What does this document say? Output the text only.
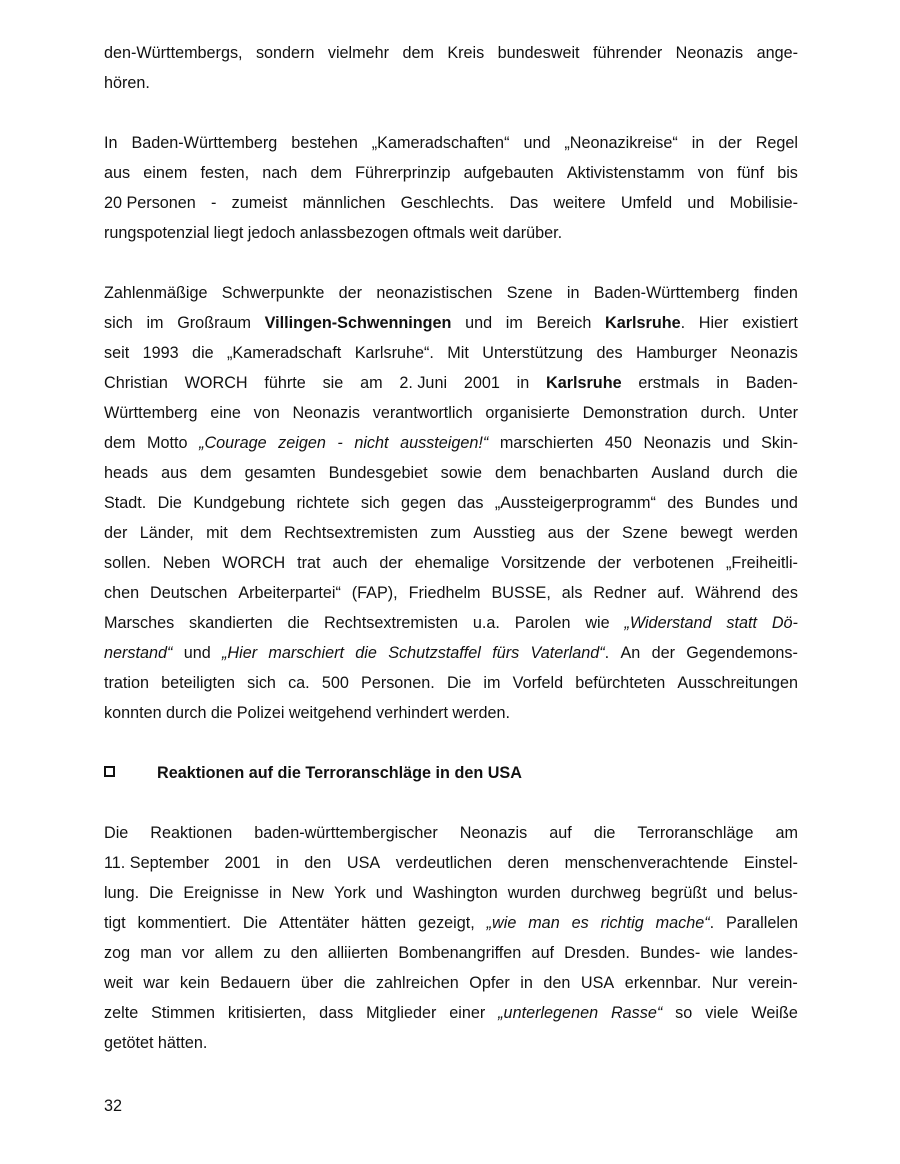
den-Württembergs, sondern vielmehr dem Kreis bundesweit führender Neonazis ange-
hören.
In Baden-Württemberg bestehen „Kameradschaften“ und „Neonazikreise“ in der Regel
aus einem festen, nach dem Führerprinzip aufgebauten Aktivistenstamm von fünf bis
20 Personen - zumeist männlichen Geschlechts. Das weitere Umfeld und Mobilisie-
rungspotenzial liegt jedoch anlassbezogen oftmals weit darüber.
Zahlenmäßige Schwerpunkte der neonazistischen Szene in Baden-Württemberg finden
sich im Großraum Villingen-Schwenningen und im Bereich Karlsruhe. Hier existiert
seit 1993 die „Kameradschaft Karlsruhe“. Mit Unterstützung des Hamburger Neonazis
Christian WORCH führte sie am 2. Juni 2001 in Karlsruhe erstmals in Baden-
Württemberg eine von Neonazis verantwortlich organisierte Demonstration durch. Unter
dem Motto „Courage zeigen - nicht aussteigen!“ marschierten 450 Neonazis und Skin-
heads aus dem gesamten Bundesgebiet sowie dem benachbarten Ausland durch die
Stadt. Die Kundgebung richtete sich gegen das „Aussteigerprogramm“ des Bundes und
der Länder, mit dem Rechtsextremisten zum Ausstieg aus der Szene bewegt werden
sollen. Neben WORCH trat auch der ehemalige Vorsitzende der verbotenen „Freiheitli-
chen Deutschen Arbeiterpartei“ (FAP), Friedhelm BUSSE, als Redner auf. Während des
Marsches skandierten die Rechtsextremisten u.a. Parolen wie „Widerstand statt Dö-
nerstand“ und „Hier marschiert die Schutzstaffel fürs Vaterland“. An der Gegendemons-
tration beteiligten sich ca. 500 Personen. Die im Vorfeld befürchteten Ausschreitungen
konnten durch die Polizei weitgehend verhindert werden.
Reaktionen auf die Terroranschläge in den USA
Die Reaktionen baden-württembergischer Neonazis auf die Terroranschläge am
11. September 2001 in den USA verdeutlichen deren menschenverachtende Einstel-
lung. Die Ereignisse in New York und Washington wurden durchweg begrüßt und belus-
tigt kommentiert. Die Attentäter hätten gezeigt, „wie man es richtig mache“. Parallelen
zog man vor allem zu den alliierten Bombenangriffen auf Dresden. Bundes- wie landes-
weit war kein Bedauern über die zahlreichen Opfer in den USA erkennbar. Nur verein-
zelte Stimmen kritisierten, dass Mitglieder einer „unterlegenen Rasse“ so viele Weiße
getötet hätten.
32
